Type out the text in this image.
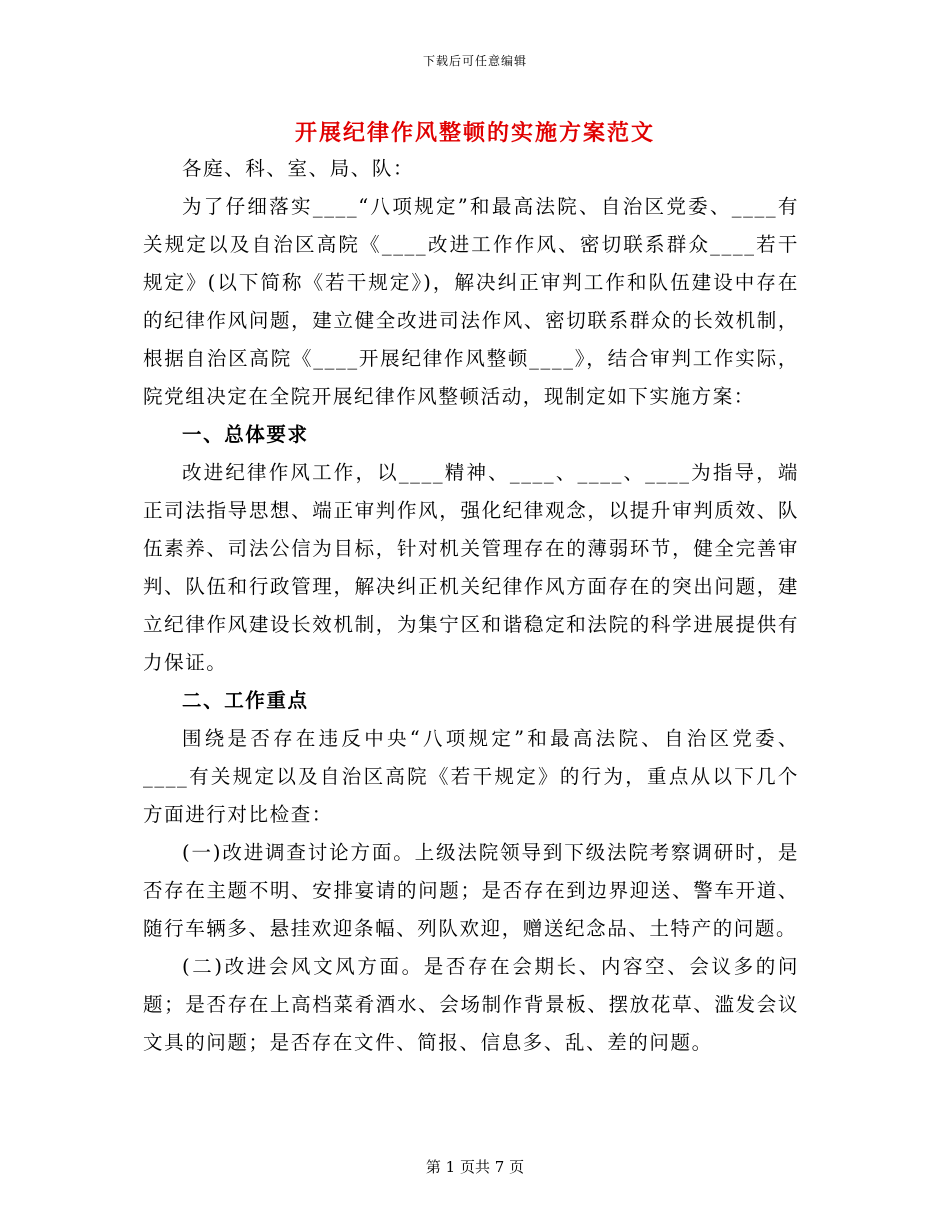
下载后可任意编辑
开展纪律作风整顿的实施方案范文

各庭、科、室、局、队：

为了仔细落实____“八项规定”和最高法院、自治区党委、____有关规定以及自治区高院《____改进工作作风、密切联系群众____若干规定》(以下简称《若干规定》)，解决纠正审判工作和队伍建设中存在的纪律作风问题，建立健全改进司法作风、密切联系群众的长效机制，根据自治区高院《____开展纪律作风整顿____》，结合审判工作实际，院党组决定在全院开展纪律作风整顿活动，现制定如下实施方案：

一、总体要求

改进纪律作风工作，以____精神、____、____、____为指导，端正司法指导思想、端正审判作风，强化纪律观念，以提升审判质效、队伍素养、司法公信为目标，针对机关管理存在的薄弱环节，健全完善审判、队伍和行政管理，解决纠正机关纪律作风方面存在的突出问题，建立纪律作风建设长效机制，为集宁区和谐稳定和法院的科学进展提供有力保证。

二、工作重点

围绕是否存在违反中央“八项规定”和最高法院、自治区党委、____有关规定以及自治区高院《若干规定》的行为，重点从以下几个方面进行对比检查：

(一)改进调查讨论方面。上级法院领导到下级法院考察调研时，是否存在主题不明、安排宴请的问题；是否存在到边界迎送、警车开道、随行车辆多、悬挂欢迎条幅、列队欢迎，赠送纪念品、土特产的问题。

(二)改进会风文风方面。是否存在会期长、内容空、会议多的问题；是否存在上高档菜肴酒水、会场制作背景板、摆放花草、滥发会议文具的问题；是否存在文件、简报、信息多、乱、差的问题。

第 1 页共 7 页
